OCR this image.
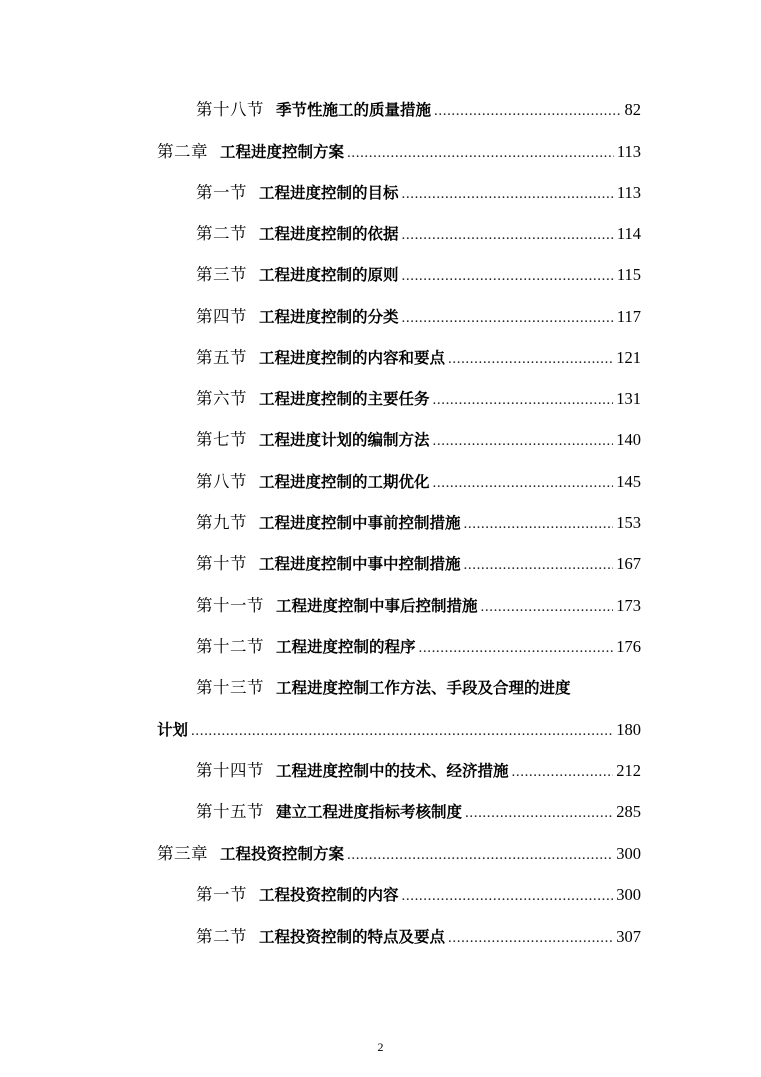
第十八节 季节性施工的质量措施 .....	82
第二章 工程进度控制方案 .....	113
第一节 工程进度控制的目标 .....	113
第二节 工程进度控制的依据 .....	114
第三节 工程进度控制的原则 .....	115
第四节 工程进度控制的分类 .....	117
第五节 工程进度控制的内容和要点 .....	121
第六节 工程进度控制的主要任务 .....	131
第七节 工程进度计划的编制方法 .....	140
第八节 工程进度控制的工期优化 .....	145
第九节 工程进度控制中事前控制措施 .....	153
第十节 工程进度控制中事中控制措施 .....	167
第十一节 工程进度控制中事后控制措施 .....	173
第十二节 工程进度控制的程序 .....	176
第十三节 工程进度控制工作方法、手段及合理的进度
计划 .....	180
第十四节 工程进度控制中的技术、经济措施 .....	212
第十五节 建立工程进度指标考核制度 .....	285
第三章 工程投资控制方案 .....	300
第一节 工程投资控制的内容 .....	300
第二节 工程投资控制的特点及要点 .....	307
2
